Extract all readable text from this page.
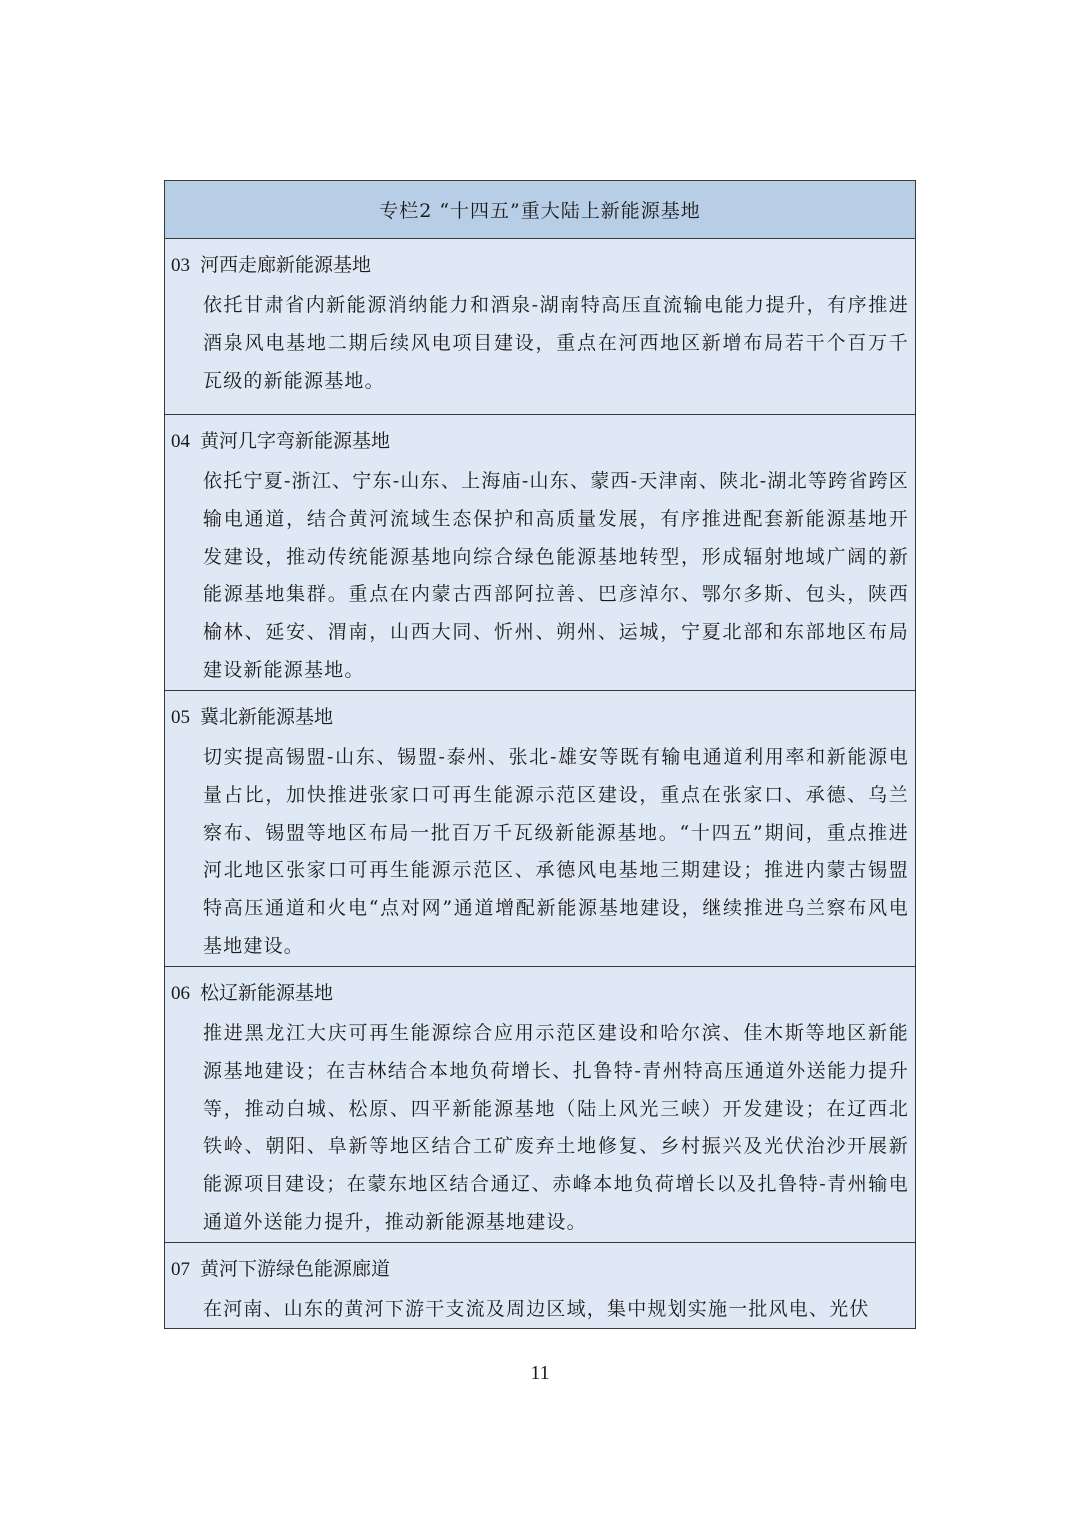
专栏2 “十四五”重大陆上新能源基地
03 河西走廊新能源基地
依托甘肃省内新能源消纳能力和酒泉-湖南特高压直流输电能力提升，有序推进酒泉风电基地二期后续风电项目建设，重点在河西地区新增布局若干个百万千瓦级的新能源基地。
04 黄河几字弯新能源基地
依托宁夏-浙江、宁东-山东、上海庙-山东、蒙西-天津南、陕北-湖北等跨省跨区输电通道，结合黄河流域生态保护和高质量发展，有序推进配套新能源基地开发建设，推动传统能源基地向综合绿色能源基地转型，形成辐射地域广阔的新能源基地集群。重点在内蒙古西部阿拉善、巴彦淖尔、鄂尔多斯、包头，陕西榆林、延安、渭南，山西大同、忻州、朔州、运城，宁夏北部和东部地区布局建设新能源基地。
05 冀北新能源基地
切实提高锡盟-山东、锡盟-泰州、张北-雄安等既有输电通道利用率和新能源电量占比，加快推进张家口可再生能源示范区建设，重点在张家口、承德、乌兰察布、锡盟等地区布局一批百万千瓦级新能源基地。“十四五”期间，重点推进河北地区张家口可再生能源示范区、承德风电基地三期建设；推进内蒙古锡盟特高压通道和火电“点对网”通道增配新能源基地建设，继续推进乌兰察布风电基地建设。
06 松辽新能源基地
推进黑龙江大庆可再生能源综合应用示范区建设和哈尔滨、佳木斯等地区新能源基地建设；在吉林结合本地负荷增长、扎鲁特-青州特高压通道外送能力提升等，推动白城、松原、四平新能源基地（陆上风光三峡）开发建设；在辽西北铁岭、朝阳、阜新等地区结合工矿废弃土地修复、乡村振兴及光伏治沙开展新能源项目建设；在蒙东地区结合通辽、赤峰本地负荷增长以及扎鲁特-青州输电通道外送能力提升，推动新能源基地建设。
07 黄河下游绿色能源廊道
在河南、山东的黄河下游干支流及周边区域，集中规划实施一批风电、光伏
11
